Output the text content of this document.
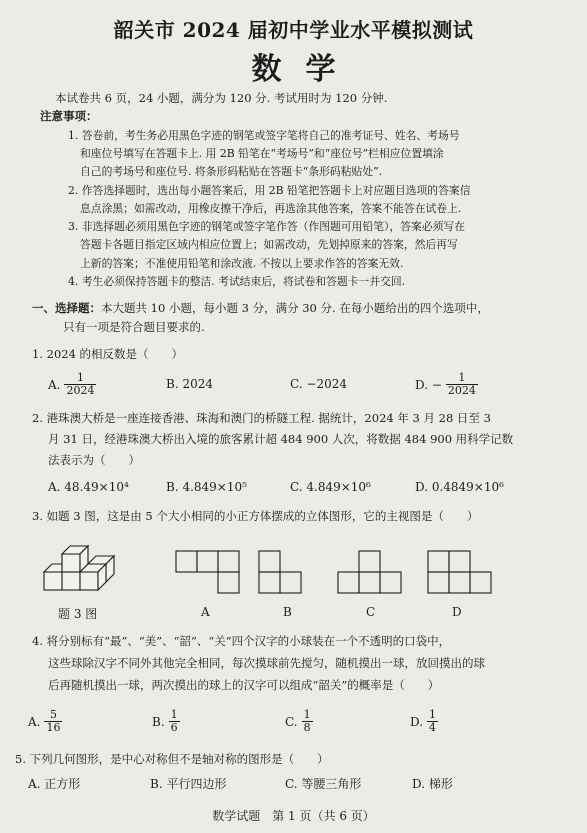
韶关市 2024 届初中学业水平模拟测试
数学
本试卷共 6 页，24 小题，满分为 120 分. 考试用时为 120 分钟.
注意事项：
1. 答卷前，考生务必用黑色字迹的钢笔或签字笔将自己的准考证号、姓名、考场号
和座位号填写在答题卡上. 用 2B 铅笔在“考场号”和“座位号”栏相应位置填涂
自己的考场号和座位号. 将条形码粘贴在答题卡“条形码粘贴处”.
2. 作答选择题时，选出每小题答案后，用 2B 铅笔把答题卡上对应题目选项的答案信
息点涂黑；如需改动，用橡皮擦干净后，再选涂其他答案，答案不能答在试卷上.
3. 非选择题必须用黑色字迹的钢笔或签字笔作答（作图题可用铅笔），答案必须写在
答题卡各题目指定区域内相应位置上；如需改动，先划掉原来的答案，然后再写
上新的答案；不准使用铅笔和涂改液. 不按以上要求作答的答案无效.
4. 考生必须保持答题卡的整洁. 考试结束后，将试卷和答题卡一并交回.
一、选择题：本大题共 10 小题，每小题 3 分，满分 30 分. 在每小题给出的四个选项中，
只有一项是符合题目要求的.
1. 2024 的相反数是（　　）
A. $\frac{1}{2024}$	B. 2024	C. −2024	D. − $\frac{1}{2024}$
2. 港珠澳大桥是一座连接香港、珠海和澳门的桥隧工程. 据统计，2024 年 3 月 28 日至 3
月 31 日，经港珠澳大桥出入境的旅客累计超 484 900 人次，将数据 484 900 用科学记数
法表示为（　　）
A. 48.49×10⁴	B. 4.849×10⁵	C. 4.849×10⁶	D. 0.4849×10⁶
3. 如题 3 图，这是由 5 个大小相同的小正方体摆成的立体图形，它的主视图是（　　）
题 3 图	A	B	C	D
4. 将分别标有“最”、“美”、“韶”、“关”四个汉字的小球装在一个不透明的口袋中，
这些球除汉字不同外其他完全相同，每次摸球前先搅匀，随机摸出一球，放回摸出的球
后再随机摸出一球，两次摸出的球上的汉字可以组成“韶关”的概率是（　　）
A. $\frac{5}{16}$	B. $\frac{1}{6}$	C. $\frac{1}{8}$	D. $\frac{1}{4}$
5. 下列几何图形，是中心对称但不是轴对称的图形是（　　）
A. 正方形	B. 平行四边形	C. 等腰三角形	D. 梯形
数学试题　第 1 页（共 6 页）
